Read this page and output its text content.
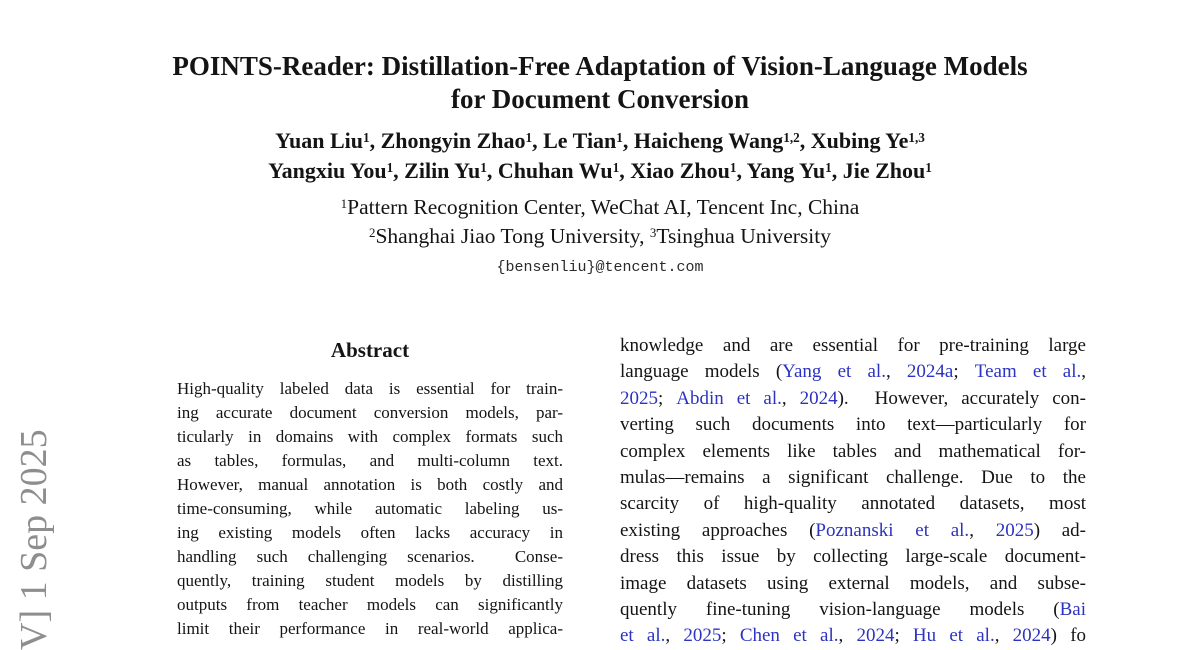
V] 1 Sep 2025
POINTS-Reader: Distillation-Free Adaptation of Vision-Language Models
for Document Conversion
Yuan Liu$^1$, Zhongyin Zhao$^1$, Le Tian$^1$, Haicheng Wang$^{1,2}$, Xubing Ye$^{1,3}$
Yangxiu You$^1$, Zilin Yu$^1$, Chuhan Wu$^1$, Xiao Zhou$^1$, Yang Yu$^1$, Jie Zhou$^1$
$^1$Pattern Recognition Center, WeChat AI, Tencent Inc, China
$^2$Shanghai Jiao Tong University, $^3$Tsinghua University
{bensenliu}@tencent.com
Abstract
High-quality labeled data is essential for train-
ing accurate document conversion models, par-
ticularly in domains with complex formats such
as tables, formulas, and multi-column text.
However, manual annotation is both costly and
time-consuming, while automatic labeling us-
ing existing models often lacks accuracy in
handling such challenging scenarios.  Conse-
quently, training student models by distilling
outputs from teacher models can significantly
limit their performance in real-world applica-
knowledge and are essential for pre-training large
language models (Yang et al., 2024a; Team et al.,
2025; Abdin et al., 2024).  However, accurately con-
verting such documents into text—particularly for
complex elements like tables and mathematical for-
mulas—remains a significant challenge. Due to the
scarcity of high-quality annotated datasets, most
existing approaches (Poznanski et al., 2025) ad-
dress this issue by collecting large-scale document-
image datasets using external models, and subse-
quently fine-tuning vision-language models (Bai
et al., 2025; Chen et al., 2024; Hu et al., 2024) fo
